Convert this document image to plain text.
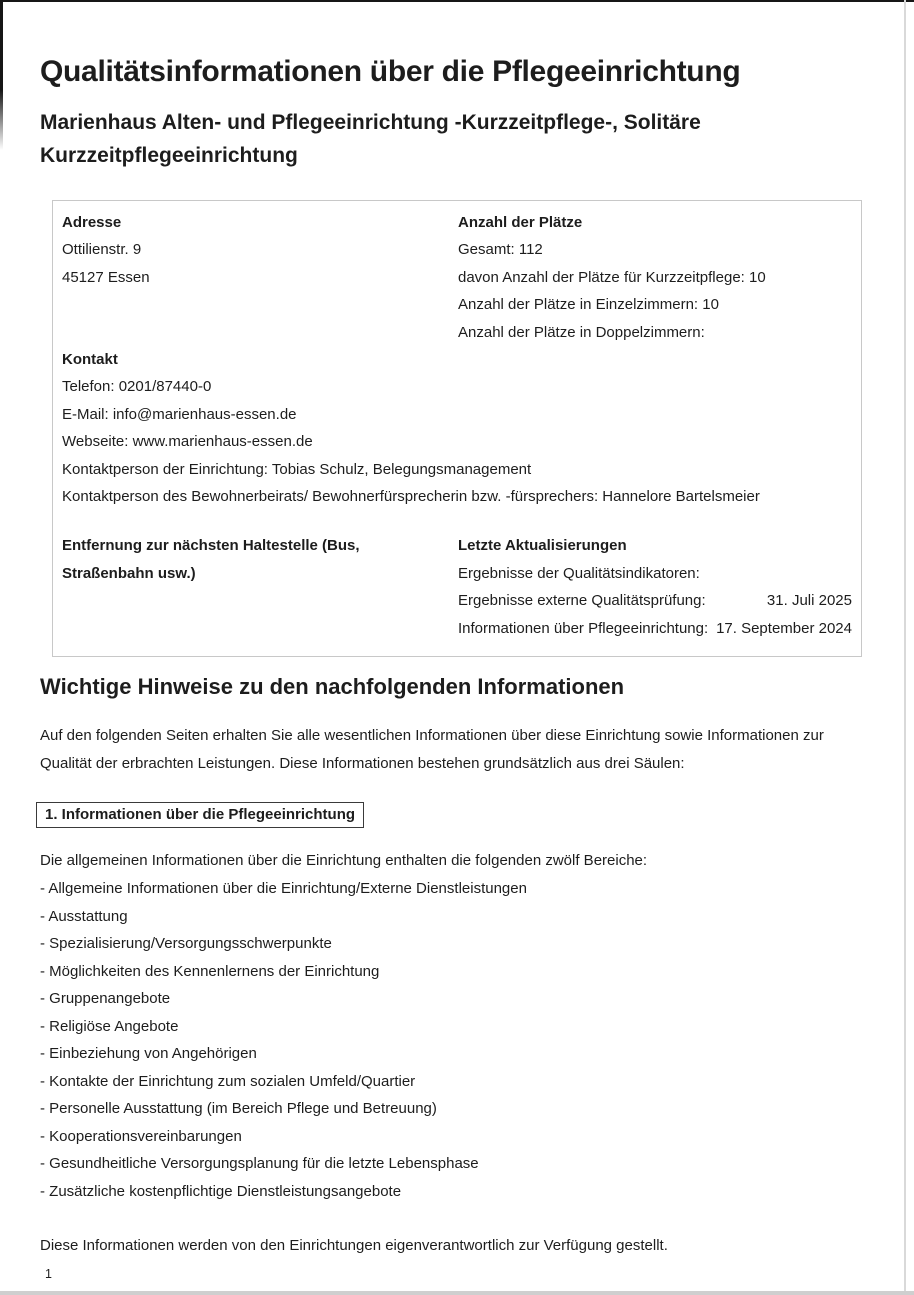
Qualitätsinformationen über die Pflegeeinrichtung
Marienhaus Alten- und Pflegeeinrichtung -Kurzzeitpflege-, Solitäre Kurzzeitpflegeeinrichtung
Adresse
Ottilienstr. 9
45127 Essen
Anzahl der Plätze
Gesamt: 112
davon Anzahl der Plätze für Kurzzeitpflege: 10
Anzahl der Plätze in Einzelzimmern: 10
Anzahl der Plätze in Doppelzimmern:
Kontakt
Telefon: 0201/87440-0
E-Mail: info@marienhaus-essen.de
Webseite: www.marienhaus-essen.de
Kontaktperson der Einrichtung: Tobias Schulz, Belegungsmanagement
Kontaktperson des Bewohnerbeirats/ Bewohnerfürsprecherin bzw. -fürsprechers: Hannelore Bartelsmeier
Entfernung zur nächsten Haltestelle (Bus, Straßenbahn usw.)
Letzte Aktualisierungen
Ergebnisse der Qualitätsindikatoren:
Ergebnisse externe Qualitätsprüfung:	31. Juli 2025
Informationen über Pflegeeinrichtung: 17. September 2024
Wichtige Hinweise zu den nachfolgenden Informationen

Auf den folgenden Seiten erhalten Sie alle wesentlichen Informationen über diese Einrichtung sowie Informationen zur Qualität der erbrachten Leistungen. Diese Informationen bestehen grundsätzlich aus drei Säulen:

1. Informationen über die Pflegeeinrichtung

Die allgemeinen Informationen über die Einrichtung enthalten die folgenden zwölf Bereiche:

- Allgemeine Informationen über die Einrichtung/Externe Dienstleistungen
- Ausstattung
- Spezialisierung/Versorgungsschwerpunkte
- Möglichkeiten des Kennenlernens der Einrichtung
- Gruppenangebote
- Religiöse Angebote
- Einbeziehung von Angehörigen
- Kontakte der Einrichtung zum sozialen Umfeld/Quartier
- Personelle Ausstattung (im Bereich Pflege und Betreuung)
- Kooperationsvereinbarungen
- Gesundheitliche Versorgungsplanung für die letzte Lebensphase
- Zusätzliche kostenpflichtige Dienstleistungsangebote

Diese Informationen werden von den Einrichtungen eigenverantwortlich zur Verfügung gestellt.

1
